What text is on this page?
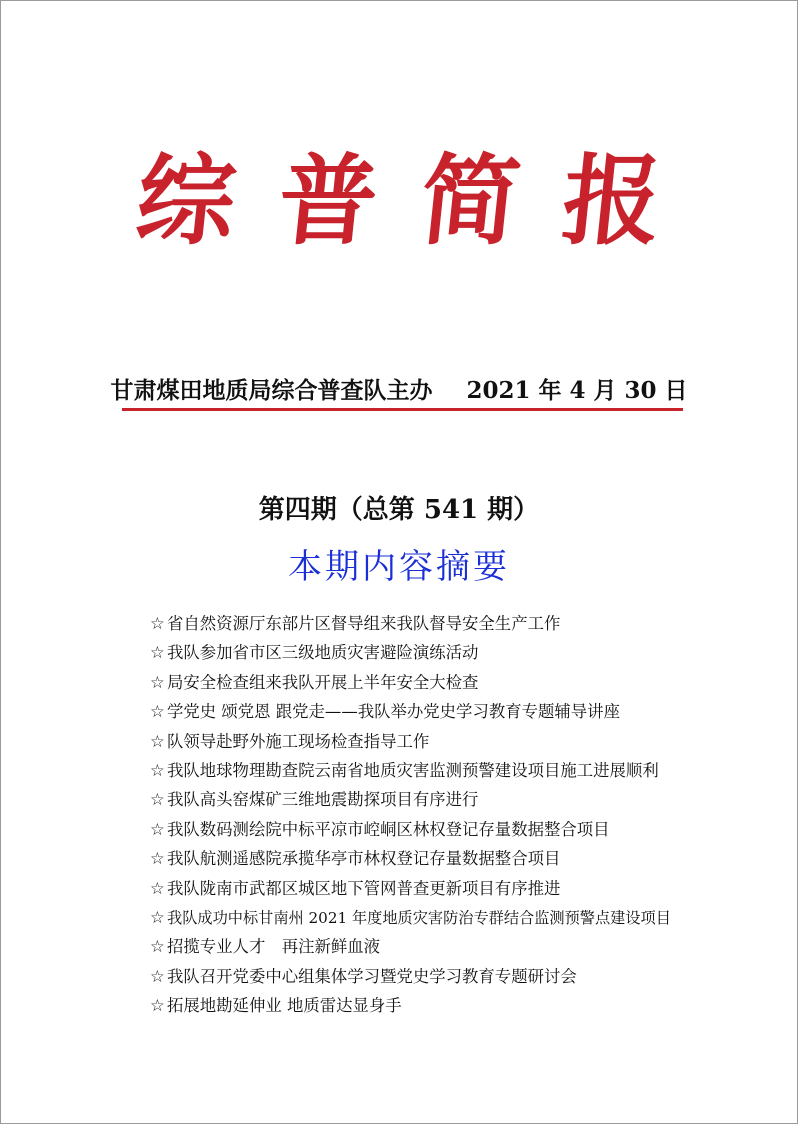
综普简报
甘肃煤田地质局综合普查队主办 2021 年 4 月 30 日
第四期（总第 541 期）
本期内容摘要
☆ 省自然资源厅东部片区督导组来我队督导安全生产工作
☆ 我队参加省市区三级地质灾害避险演练活动
☆ 局安全检查组来我队开展上半年安全大检查
☆ 学党史 颂党恩 跟党走——我队举办党史学习教育专题辅导讲座
☆ 队领导赴野外施工现场检查指导工作
☆ 我队地球物理勘查院云南省地质灾害监测预警建设项目施工进展顺利
☆ 我队高头窑煤矿三维地震勘探项目有序进行
☆ 我队数码测绘院中标平凉市崆峒区林权登记存量数据整合项目
☆ 我队航测遥感院承揽华亭市林权登记存量数据整合项目
☆ 我队陇南市武都区城区地下管网普查更新项目有序推进
☆ 我队成功中标甘南州 2021 年度地质灾害防治专群结合监测预警点建设项目
☆ 招揽专业人才　再注新鲜血液
☆ 我队召开党委中心组集体学习暨党史学习教育专题研讨会
☆ 拓展地勘延伸业 地质雷达显身手
